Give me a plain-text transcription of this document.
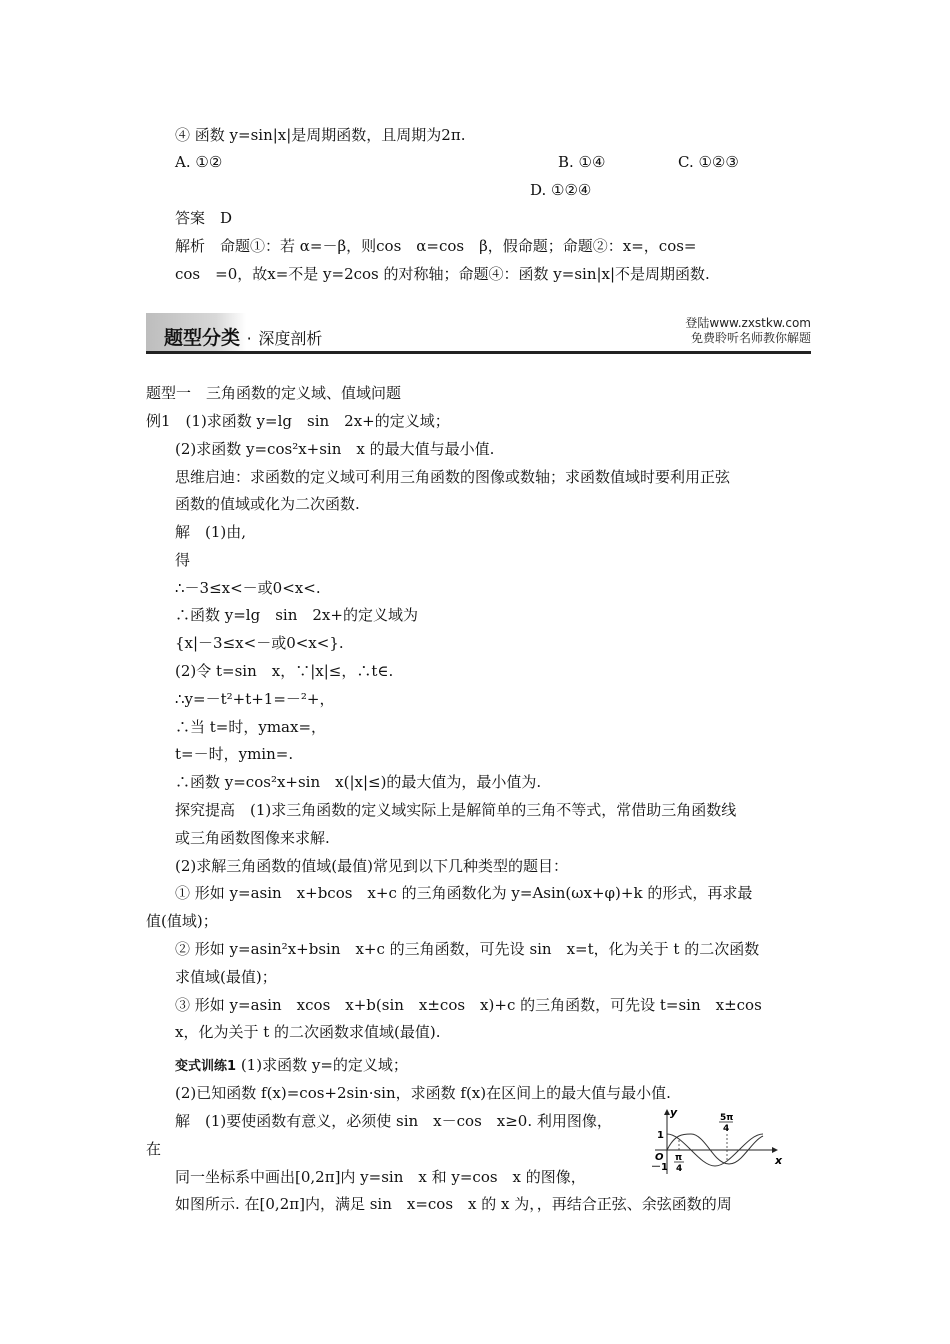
④ 函数 y=sin|x|是周期函数，且周期为2π.
A. ①②	B. ①④	C. ①②③
D. ①②④
答案　D
解析　命题①：若 α=－β，则cos　α=cos　β，假命题；命题②：x=，cos=
cos　=0，故x=不是 y=2cos 的对称轴；命题④：函数 y=sin|x|不是周期函数.
题型分类 · 深度剖析
登陆www.zxstkw.com
免费聆听名师教你解题
题型一　三角函数的定义域、值域问题
例1　(1)求函数 y=lg　sin　2x+的定义域；
(2)求函数 y=cos²x+sin　x 的最大值与最小值.
思维启迪：求函数的定义域可利用三角函数的图像或数轴；求函数值域时要利用正弦
函数的值域或化为二次函数.
解　(1)由,
得
∴－3≤x<－或0<x<.
∴函数 y=lg　sin　2x+的定义域为
{x|－3≤x<－或0<x<}.
(2)令 t=sin　x，∵|x|≤，∴t∈.
∴y=－t²+t+1=－²+，
∴当 t=时，ymax=，
t=－时，ymin=.
∴函数 y=cos²x+sin　x(|x|≤)的最大值为，最小值为.
探究提高　(1)求三角函数的定义域实际上是解简单的三角不等式，常借助三角函数线
或三角函数图像来求解.
(2)求解三角函数的值域(最值)常见到以下几种类型的题目：
① 形如 y=asin　x+bcos　x+c 的三角函数化为 y=Asin(ωx+φ)+k 的形式，再求最
值(值域)；
② 形如 y=asin²x+bsin　x+c 的三角函数，可先设 sin　x=t，化为关于 t 的二次函数
求值域(最值)；
③ 形如 y=asin　xcos　x+b(sin　x±cos　x)+c 的三角函数，可先设 t=sin　x±cos
x，化为关于 t 的二次函数求值域(最值).
变式训练1 (1)求函数 y=的定义域；
(2)已知函数 f(x)=cos+2sin·sin，求函数 f(x)在区间上的最大值与最小值.
解　(1)要使函数有意义，必须使 sin　x－cos　x≥0. 利用图像，
在
同一坐标系中画出[0,2π]内 y=sin　x 和 y=cos　x 的图像，
如图所示. 在[0,2π]内，满足 sin　x=cos　x 的 x 为，，再结合正弦、余弦函数的周
y
x
O
1
－1
π
4
5π
4
